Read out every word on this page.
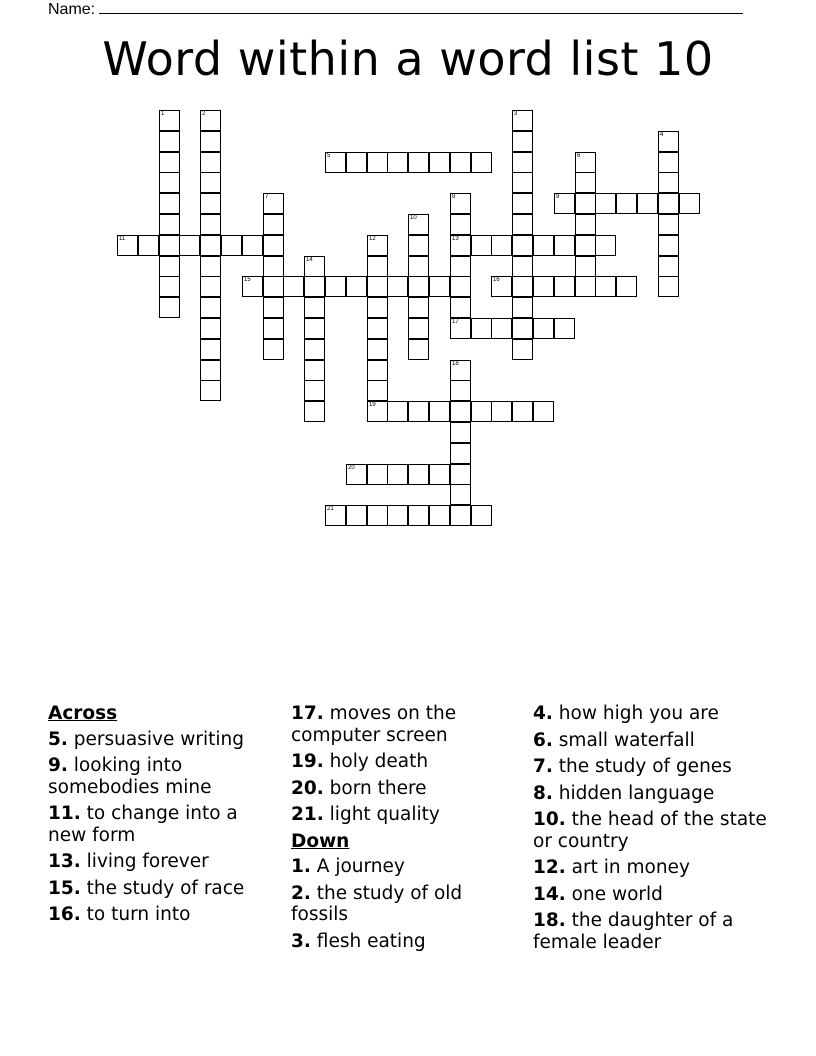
Name:
Word within a word list 10
1	2	3
4
5	6
7	8	9
10
11	12	13
14
15	16
17
18
19
20
21
Across
5. persuasive writing
9. looking into somebodies mine
11. to change into a new form
13. living forever
15. the study of race
16. to turn into
17. moves on the computer screen
19. holy death
20. born there
21. light quality
Down
1. A journey
2. the study of old fossils
3. flesh eating
4. how high you are
6. small waterfall
7. the study of genes
8. hidden language
10. the head of the state or country
12. art in money
14. one world
18. the daughter of a female leader
